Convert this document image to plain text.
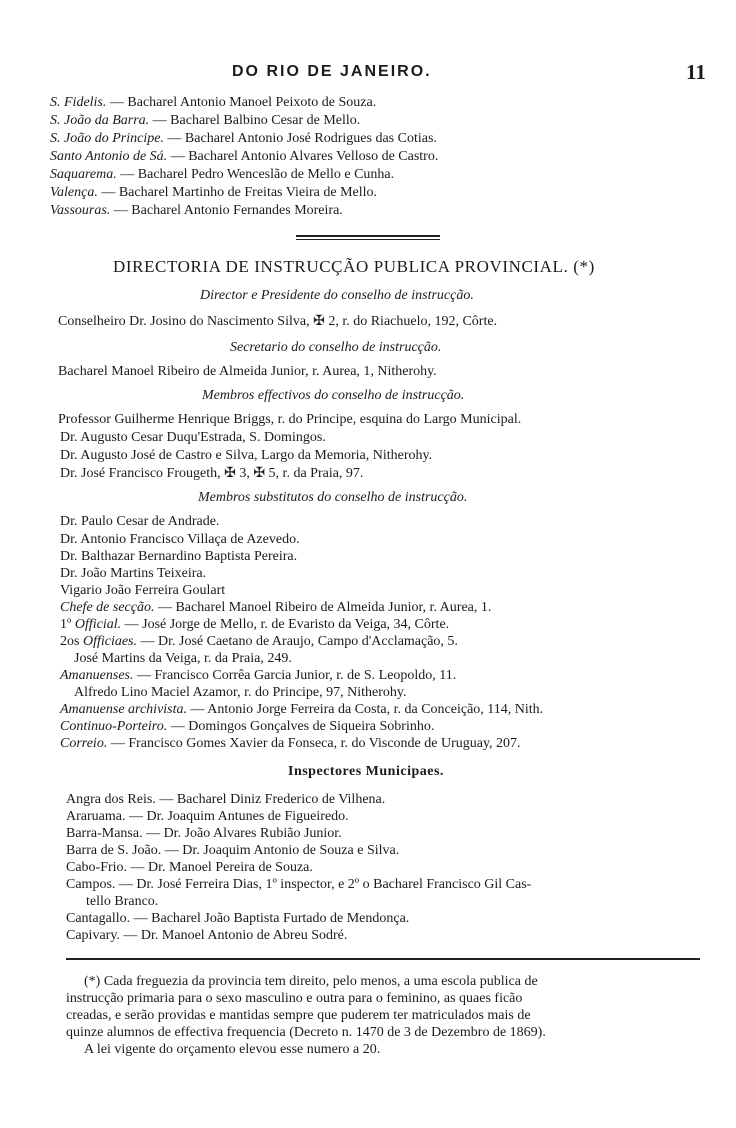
DO RIO DE JANEIRO.	11
S. Fidelis. — Bacharel Antonio Manoel Peixoto de Souza.
S. João da Barra. — Bacharel Balbino Cesar de Mello.
S. João do Principe. — Bacharel Antonio José Rodrigues das Cotias.
Santo Antonio de Sá. — Bacharel Antonio Alvares Velloso de Castro.
Saquarema. — Bacharel Pedro Wenceslão de Mello e Cunha.
Valença. — Bacharel Martinho de Freitas Vieira de Mello.
Vassouras. — Bacharel Antonio Fernandes Moreira.
DIRECTORIA DE INSTRUCÇÃO PUBLICA PROVINCIAL. (*)
Director e Presidente do conselho de instrucção.
Conselheiro Dr. Josino do Nascimento Silva, ✠ 2, r. do Riachuelo, 192, Côrte.
Secretario do conselho de instrucção.
Bacharel Manoel Ribeiro de Almeida Junior, r. Aurea, 1, Nitherohy.
Membros effectivos do conselho de instrucção.
Professor Guilherme Henrique Briggs, r. do Principe, esquina do Largo Municipal.
Dr. Augusto Cesar Duqu'Estrada, S. Domingos.
Dr. Augusto José de Castro e Silva, Largo da Memoria, Nitherohy.
Dr. José Francisco Frougeth, ✠ 3, ✠ 5, r. da Praia, 97.
Membros substitutos do conselho de instrucção.
Dr. Paulo Cesar de Andrade.
Dr. Antonio Francisco Villaça de Azevedo.
Dr. Balthazar Bernardino Baptista Pereira.
Dr. João Martins Teixeira.
Vigario João Ferreira Goulart
Chefe de secção. — Bacharel Manoel Ribeiro de Almeida Junior, r. Aurea, 1.
1º Official. — José Jorge de Mello, r. de Evaristo da Veiga, 34, Côrte.
2os Officiaes. — Dr. José Caetano de Araujo, Campo d'Acclamação, 5.
José Martins da Veiga, r. da Praia, 249.
Amanuenses. — Francisco Corrêa Garcia Junior, r. de S. Leopoldo, 11.
Alfredo Lino Maciel Azamor, r. do Principe, 97, Nitherohy.
Amanuense archivista. — Antonio Jorge Ferreira da Costa, r. da Conceição, 114, Nith.
Continuo-Porteiro. — Domingos Gonçalves de Siqueira Sobrinho.
Correio. — Francisco Gomes Xavier da Fonseca, r. do Visconde de Uruguay, 207.
Inspectores Municipaes.
Angra dos Reis. — Bacharel Diniz Frederico de Vilhena.
Araruama. — Dr. Joaquim Antunes de Figueiredo.
Barra-Mansa. — Dr. João Alvares Rubião Junior.
Barra de S. João. — Dr. Joaquim Antonio de Souza e Silva.
Cabo-Frio. — Dr. Manoel Pereira de Souza.
Campos. — Dr. José Ferreira Dias, 1º inspector, e 2º o Bacharel Francisco Gil Cas-
tello Branco.
Cantagallo. — Bacharel João Baptista Furtado de Mendonça.
Capivary. — Dr. Manoel Antonio de Abreu Sodré.
(*) Cada freguezia da provincia tem direito, pelo menos, a uma escola publica de
instrucção primaria para o sexo masculino e outra para o feminino, as quaes ficão
creadas, e serão providas e mantidas sempre que puderem ter matriculados mais de
quinze alumnos de effectiva frequencia (Decreto n. 1470 de 3 de Dezembro de 1869).
A lei vigente do orçamento elevou esse numero a 20.
